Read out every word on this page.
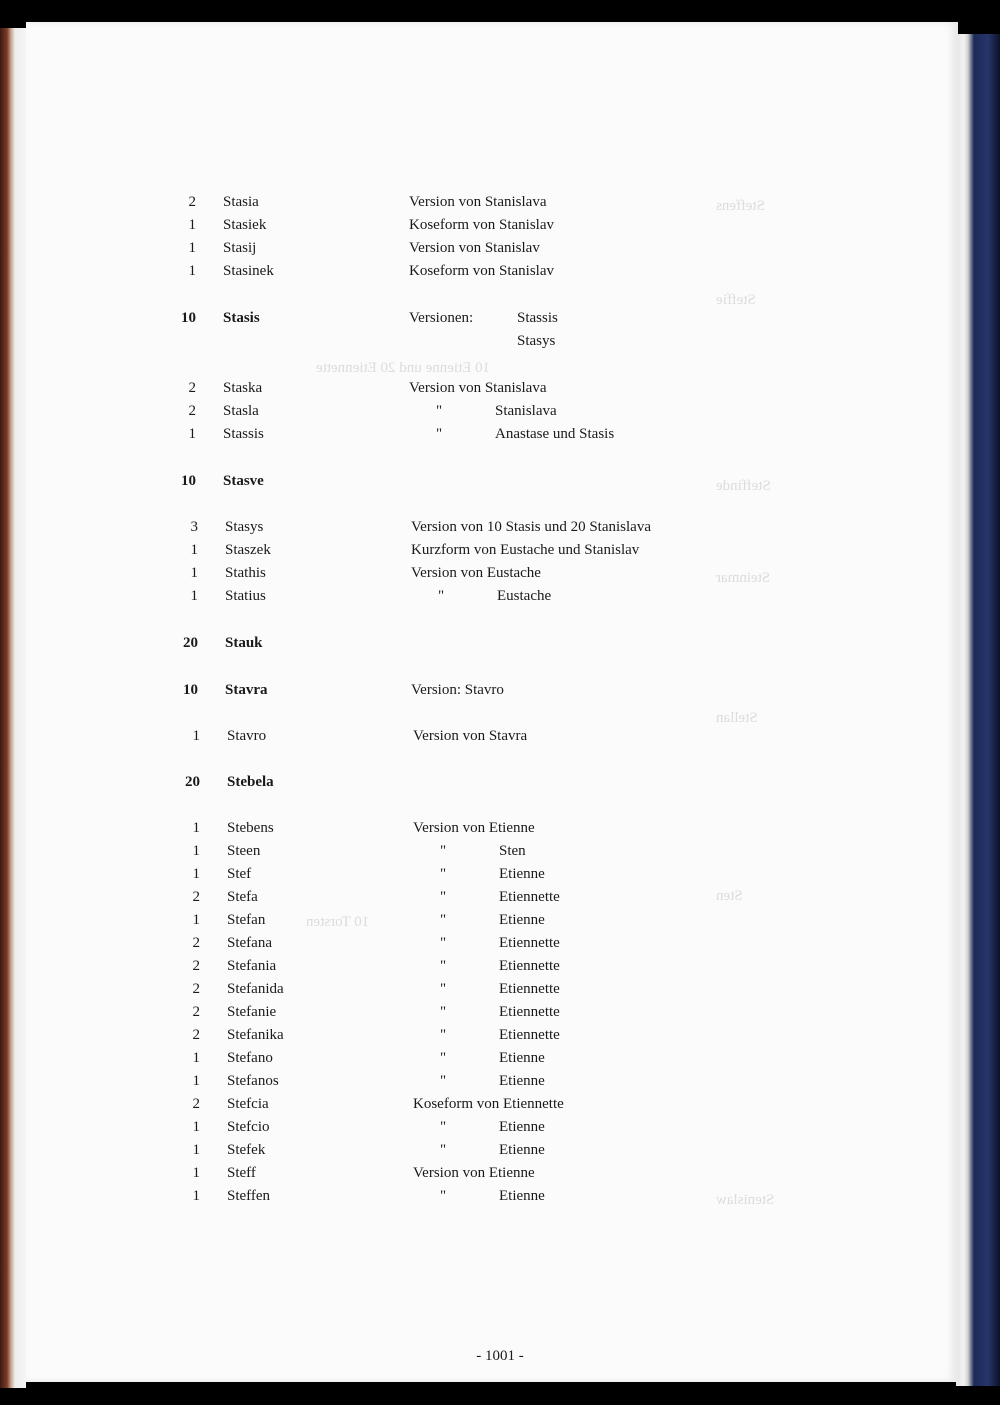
Steffens
Steffie
10 Etienne und 20 Etiennette
Steffinde
Steinmar
Stellan
Sten
10 Torsten
Stenislaw
2 Stasia	Version von Stanislava
1 Stasiek	Koseform von Stanislav
1 Stasij	Version von Stanislav
1 Stasinek	Koseform von Stanislav
10 Stasis	Versionen:	Stassis
Stasys
2 Staska	Version von Stanislava
2 Stasla	"	Stanislava
1 Stassis	"	Anastase und Stasis
10 Stasve
3 Stasys	Version von 10 Stasis und 20 Stanislava
1 Staszek	Kurzform von Eustache und Stanislav
1 Stathis	Version von Eustache
1 Statius	"	Eustache
20 Stauk
10 Stavra	Version: Stavro
1 Stavro	Version von Stavra
20 Stebela
1 Stebens	Version von Etienne
1 Steen	"	Sten
1 Stef	"	Etienne
2 Stefa	"	Etiennette
1 Stefan	"	Etienne
2 Stefana	"	Etiennette
2 Stefania	"	Etiennette
2 Stefanida	"	Etiennette
2 Stefanie	"	Etiennette
2 Stefanika	"	Etiennette
1 Stefano	"	Etienne
1 Stefanos	"	Etienne
2 Stefcia	Koseform von Etiennette
1 Stefcio	"	Etienne
1 Stefek	"	Etienne
1 Steff	Version von Etienne
1 Steffen	"	Etienne
- 1001 -
